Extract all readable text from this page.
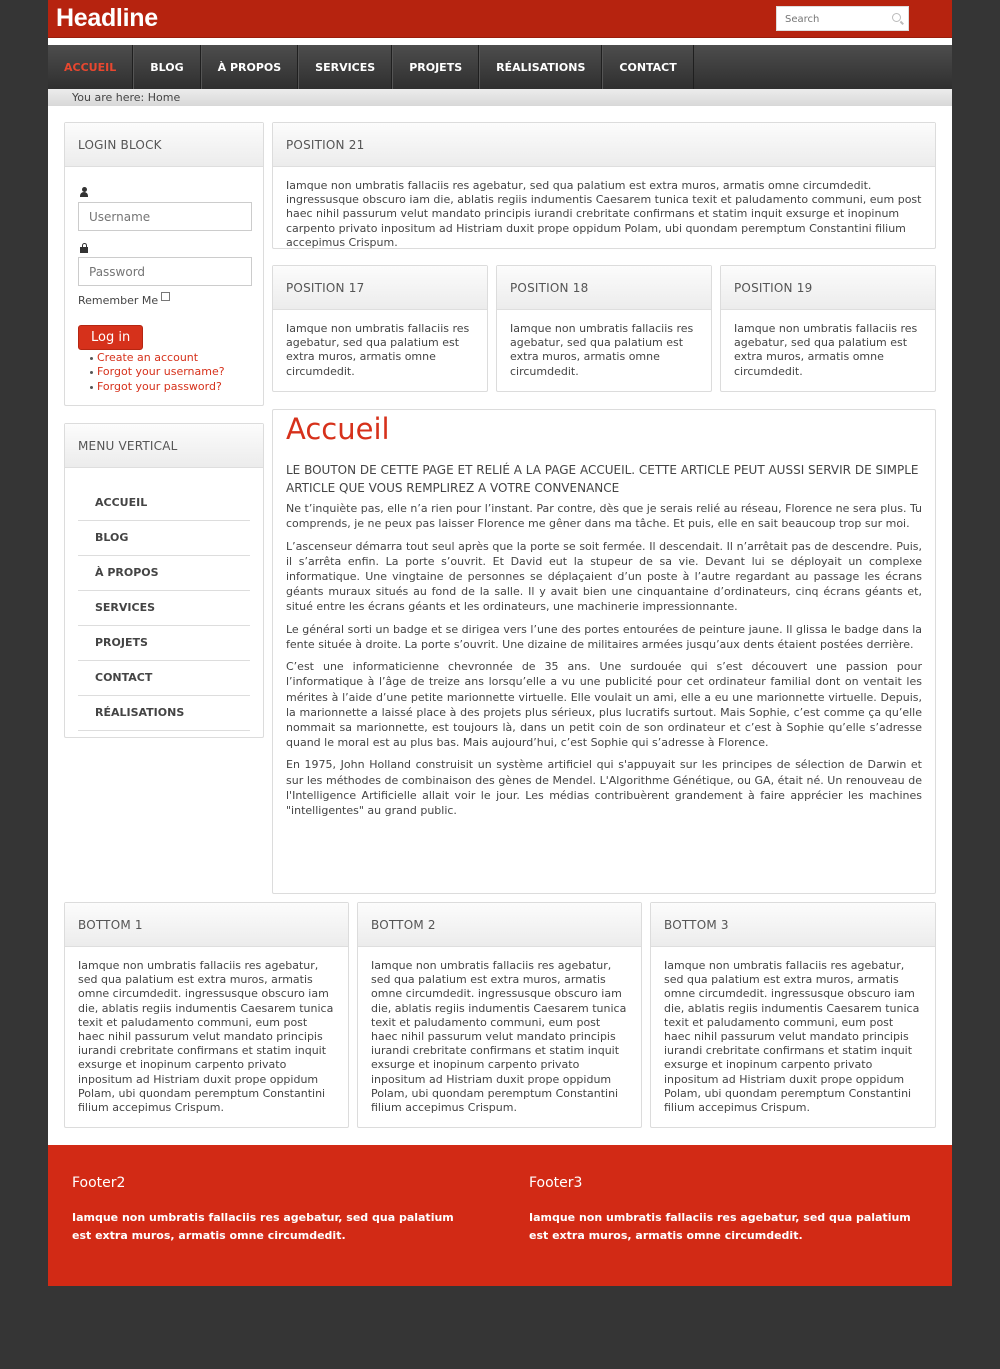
Headline
Search
ACCUEIL	BLOG	À PROPOS	SERVICES	PROJETS	RÉALISATIONS	CONTACT
You are here: Home
LOGIN BLOCK
Username
Remember Me
Log in
Create an account
Forgot your username?
Forgot your password?
MENU VERTICAL
ACCUEIL
BLOG
À PROPOS
SERVICES
PROJETS
CONTACT
RÉALISATIONS
POSITION 21
Iamque non umbratis fallaciis res agebatur, sed qua palatium est extra muros, armatis omne circumdedit. ingressusque obscuro iam die, ablatis regiis indumentis Caesarem tunica texit et paludamento communi, eum post haec nihil passurum velut mandato principis iurandi crebritate confirmans et statim inquit exsurge et inopinum carpento privato inpositum ad Histriam duxit prope oppidum Polam, ubi quondam peremptum Constantini filium accepimus Crispum.
POSITION 17
Iamque non umbratis fallaciis res agebatur, sed qua palatium est extra muros, armatis omne circumdedit.
POSITION 18
Iamque non umbratis fallaciis res agebatur, sed qua palatium est extra muros, armatis omne circumdedit.
POSITION 19
Iamque non umbratis fallaciis res agebatur, sed qua palatium est extra muros, armatis omne circumdedit.
Accueil
LE BOUTON DE CETTE PAGE ET RELIÉ A LA PAGE ACCUEIL. CETTE ARTICLE PEUT AUSSI SERVIR DE SIMPLE ARTICLE QUE VOUS REMPLIREZ A VOTRE CONVENANCE

Ne t’inquiète pas, elle n’a rien pour l’instant. Par contre, dès que je serais relié au réseau, Florence ne sera plus. Tu comprends, je ne peux pas laisser Florence me gêner dans ma tâche. Et puis, elle en sait beaucoup trop sur moi.

L’ascenseur démarra tout seul après que la porte se soit fermée. Il descendait. Il n’arrêtait pas de descendre. Puis, il s’arrêta enfin. La porte s’ouvrit. Et David eut la stupeur de sa vie. Devant lui se déployait un complexe informatique. Une vingtaine de personnes se déplaçaient d’un poste à l’autre regardant au passage les écrans géants muraux situés au fond de la salle. Il y avait bien une cinquantaine d’ordinateurs, cinq écrans géants et, situé entre les écrans géants et les ordinateurs, une machinerie impressionnante.

Le général sorti un badge et se dirigea vers l’une des portes entourées de peinture jaune. Il glissa le badge dans la fente située à droite. La porte s’ouvrit. Une dizaine de militaires armées jusqu’aux dents étaient postées derrière.

C’est une informaticienne chevronnée de 35 ans. Une surdouée qui s’est découvert une passion pour l’informatique à l’âge de treize ans lorsqu’elle a vu une publicité pour cet ordinateur familial dont on ventait les mérites à l’aide d’une petite marionnette virtuelle. Elle voulait un ami, elle a eu une marionnette virtuelle. Depuis, la marionnette a laissé place à des projets plus sérieux, plus lucratifs surtout. Mais Sophie, c’est comme ça qu’elle nommait sa marionnette, est toujours là, dans un petit coin de son ordinateur et c’est à Sophie qu’elle s’adresse quand le moral est au plus bas. Mais aujourd’hui, c’est Sophie qui s’adresse à Florence.

En 1975, John Holland construisit un système artificiel qui s'appuyait sur les principes de sélection de Darwin et sur les méthodes de combinaison des gènes de Mendel. L'Algorithme Génétique, ou GA, était né. Un renouveau de l'Intelligence Artificielle allait voir le jour. Les médias contribuèrent grandement à faire apprécier les machines "intelligentes" au grand public.

BOTTOM 1
Iamque non umbratis fallaciis res agebatur, sed qua palatium est extra muros, armatis omne circumdedit. ingressusque obscuro iam die, ablatis regiis indumentis Caesarem tunica texit et paludamento communi, eum post haec nihil passurum velut mandato principis iurandi crebritate confirmans et statim inquit exsurge et inopinum carpento privato inpositum ad Histriam duxit prope oppidum Polam, ubi quondam peremptum Constantini filium accepimus Crispum.
BOTTOM 2
Iamque non umbratis fallaciis res agebatur, sed qua palatium est extra muros, armatis omne circumdedit. ingressusque obscuro iam die, ablatis regiis indumentis Caesarem tunica texit et paludamento communi, eum post haec nihil passurum velut mandato principis iurandi crebritate confirmans et statim inquit exsurge et inopinum carpento privato inpositum ad Histriam duxit prope oppidum Polam, ubi quondam peremptum Constantini filium accepimus Crispum.
BOTTOM 3
Iamque non umbratis fallaciis res agebatur, sed qua palatium est extra muros, armatis omne circumdedit. ingressusque obscuro iam die, ablatis regiis indumentis Caesarem tunica texit et paludamento communi, eum post haec nihil passurum velut mandato principis iurandi crebritate confirmans et statim inquit exsurge et inopinum carpento privato inpositum ad Histriam duxit prope oppidum Polam, ubi quondam peremptum Constantini filium accepimus Crispum.
Footer2

Iamque non umbratis fallaciis res agebatur, sed qua palatium est extra muros, armatis omne circumdedit.

Footer3

Iamque non umbratis fallaciis res agebatur, sed qua palatium est extra muros, armatis omne circumdedit.
